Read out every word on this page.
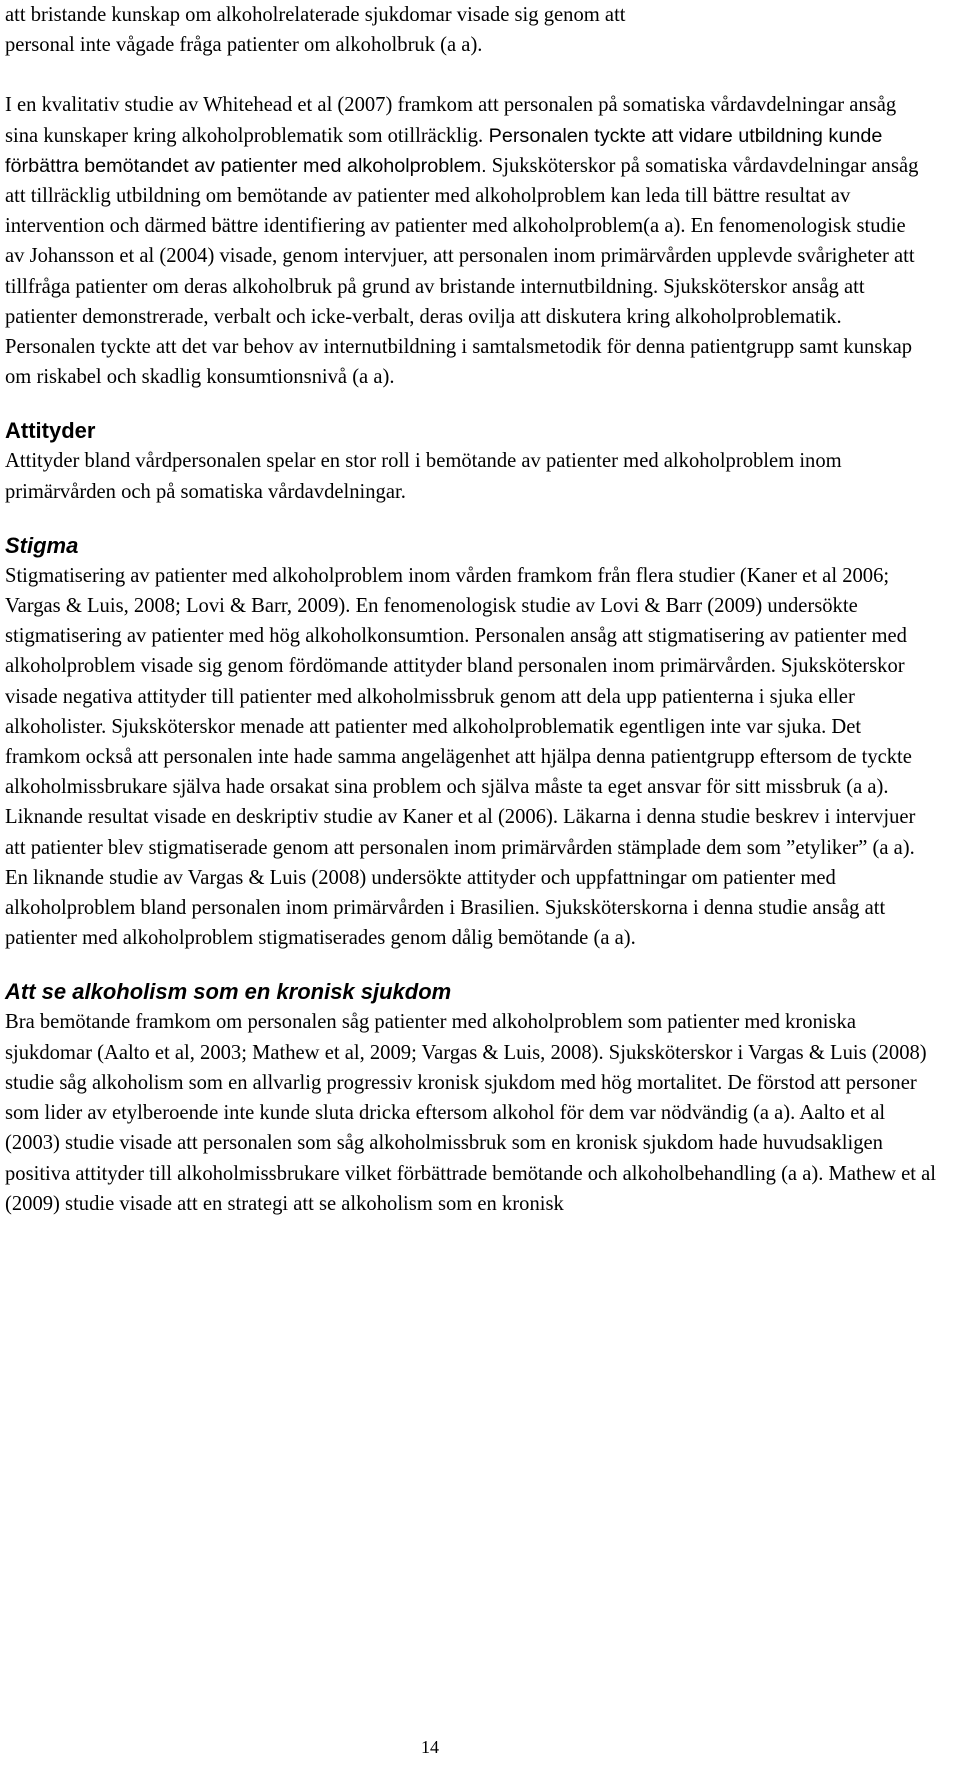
att bristande kunskap om alkoholrelaterade sjukdomar visade sig genom att
personal inte vågade fråga patienter om alkoholbruk (a a).

I en kvalitativ studie av Whitehead et al (2007) framkom att personalen på somatiska vårdavdelningar ansåg sina kunskaper kring alkoholproblematik som otillräcklig. Personalen tyckte att vidare utbildning kunde förbättra bemötandet av patienter med alkoholproblem. Sjuksköterskor på somatiska vårdavdelningar ansåg att tillräcklig utbildning om bemötande av patienter med alkoholproblem kan leda till bättre resultat av intervention och därmed bättre identifiering av patienter med alkoholproblem(a a). En fenomenologisk studie av Johansson et al (2004) visade, genom intervjuer, att personalen inom primärvården upplevde svårigheter att tillfråga patienter om deras alkoholbruk på grund av bristande internutbildning. Sjuksköterskor ansåg att patienter demonstrerade, verbalt och icke-verbalt, deras ovilja att diskutera kring alkoholproblematik. Personalen tyckte att det var behov av internutbildning i samtalsmetodik för denna patientgrupp samt kunskap om riskabel och skadlig konsumtionsnivå (a a).

Attityder

Attityder bland vårdpersonalen spelar en stor roll i bemötande av patienter med alkoholproblem inom primärvården och på somatiska vårdavdelningar.

Stigma

Stigmatisering av patienter med alkoholproblem inom vården framkom från flera studier (Kaner et al 2006; Vargas & Luis, 2008; Lovi & Barr, 2009). En fenomenologisk studie av Lovi & Barr (2009) undersökte stigmatisering av patienter med hög alkoholkonsumtion. Personalen ansåg att stigmatisering av patienter med alkoholproblem visade sig genom fördömande attityder bland personalen inom primärvården. Sjuksköterskor visade negativa attityder till patienter med alkoholmissbruk genom att dela upp patienterna i sjuka eller alkoholister. Sjuksköterskor menade att patienter med alkoholproblematik egentligen inte var sjuka. Det framkom också att personalen inte hade samma angelägenhet att hjälpa denna patientgrupp eftersom de tyckte alkoholmissbrukare själva hade orsakat sina problem och själva måste ta eget ansvar för sitt missbruk (a a). Liknande resultat visade en deskriptiv studie av Kaner et al (2006). Läkarna i denna studie beskrev i intervjuer att patienter blev stigmatiserade genom att personalen inom primärvården stämplade dem som ”etyliker” (a a). En liknande studie av Vargas & Luis (2008) undersökte attityder och uppfattningar om patienter med alkoholproblem bland personalen inom primärvården i Brasilien. Sjuksköterskorna i denna studie ansåg att patienter med alkoholproblem stigmatiserades genom dålig bemötande (a a).

Att se alkoholism som en kronisk sjukdom

Bra bemötande framkom om personalen såg patienter med alkoholproblem som patienter med kroniska sjukdomar (Aalto et al, 2003; Mathew et al, 2009; Vargas & Luis, 2008). Sjuksköterskor i Vargas & Luis (2008) studie såg alkoholism som en allvarlig progressiv kronisk sjukdom med hög mortalitet. De förstod att personer som lider av etylberoende inte kunde sluta dricka eftersom alkohol för dem var nödvändig (a a). Aalto et al (2003) studie visade att personalen som såg alkoholmissbruk som en kronisk sjukdom hade huvudsakligen positiva attityder till alkoholmissbrukare vilket förbättrade bemötande och alkoholbehandling (a a). Mathew et al (2009) studie visade att en strategi att se alkoholism som en kronisk

14
